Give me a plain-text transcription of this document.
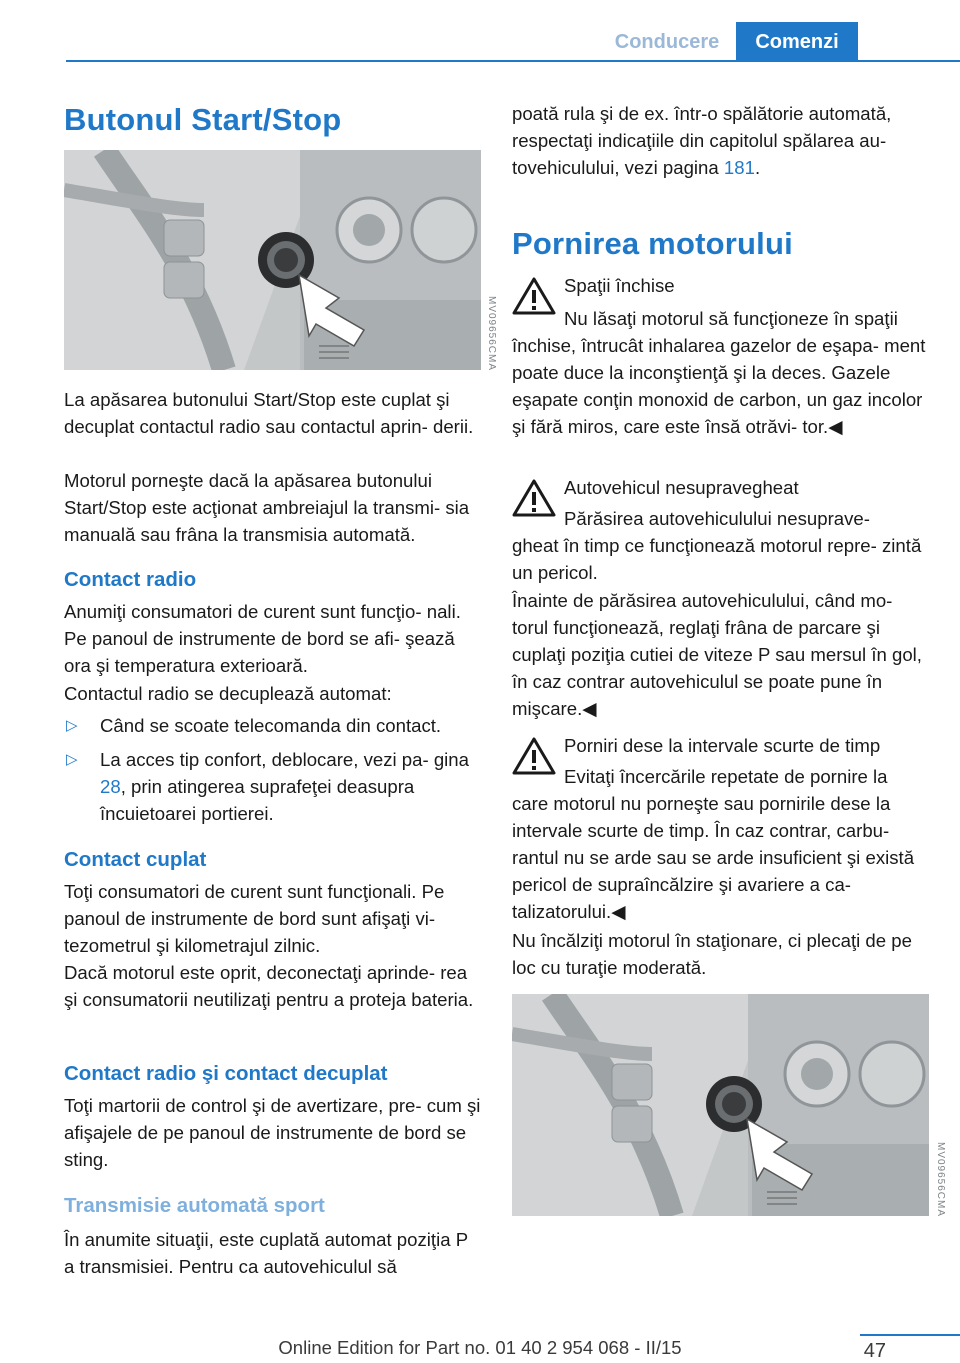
Conducere	Comenzi
Butonul Start/Stop
MV09656CMA

La apăsarea butonului Start/Stop este cuplat şi decuplat contactul radio sau contactul aprin‐ derii.

Motorul porneşte dacă la apăsarea butonului Start/Stop este acţionat ambreiajul la transmi‐ sia manuală sau frâna la transmisia automată.

Contact radio

Anumiţi consumatori de curent sunt funcţio‐ nali. Pe panoul de instrumente de bord se afi‐ şează ora şi temperatura exterioară.

Contactul radio se decuplează automat:

▷ Când se scoate telecomanda din contact.

▷ La acces tip confort, deblocare, vezi pa‐ gina 28, prin atingerea suprafeţei deasupra încuietoarei portierei.

Contact cuplat

Toţi consumatori de curent sunt funcţionali. Pe panoul de instrumente de bord sunt afişaţi vi‐ tezometrul şi kilometrajul zilnic.

Dacă motorul este oprit, deconectaţi aprinde‐ rea şi consumatorii neutilizaţi pentru a proteja bateria.

Contact radio şi contact decuplat

Toţi martorii de control şi de avertizare, pre‐ cum şi afişajele de pe panoul de instrumente de bord se sting.

Transmisie automată sport

În anumite situaţii, este cuplată automat poziţia P a transmisiei. Pentru ca autovehiculul să

poată rula şi de ex. într-o spălătorie automată, respectaţi indicaţiile din capitolul spălarea au‐ tovehiculului, vezi pagina 181.

Pornirea motorului

Spaţii închise

Nu lăsaţi motorul să funcţioneze în spaţii

închise, întrucât inhalarea gazelor de eşapa‐ ment poate duce la inconştienţă şi la deces. Gazele eşapate conţin monoxid de carbon, un gaz incolor şi fără miros, care este însă otrăvi‐ tor.◀

Autovehicul nesupravegheat

Părăsirea autovehiculului nesuprave‐

gheat în timp ce funcţionează motorul repre‐ zintă un pericol.

Înainte de părăsirea autovehiculului, când mo‐ torul funcţionează, reglaţi frâna de parcare şi cuplaţi poziţia cutiei de viteze P sau mersul în gol, în caz contrar autovehiculul se poate pune în mişcare.◀

Porniri dese la intervale scurte de timp

Evitaţi încercările repetate de pornire la

care motorul nu porneşte sau pornirile dese la intervale scurte de timp. În caz contrar, carbu‐ rantul nu se arde sau se arde insuficient şi există pericol de supraîncălzire şi avariere a ca‐ talizatorului.◀

Nu încălziţi motorul în staţionare, ci plecaţi de pe loc cu turaţie moderată.

MV09656CMA
47
Online Edition for Part no. 01 40 2 954 068 - II/15
